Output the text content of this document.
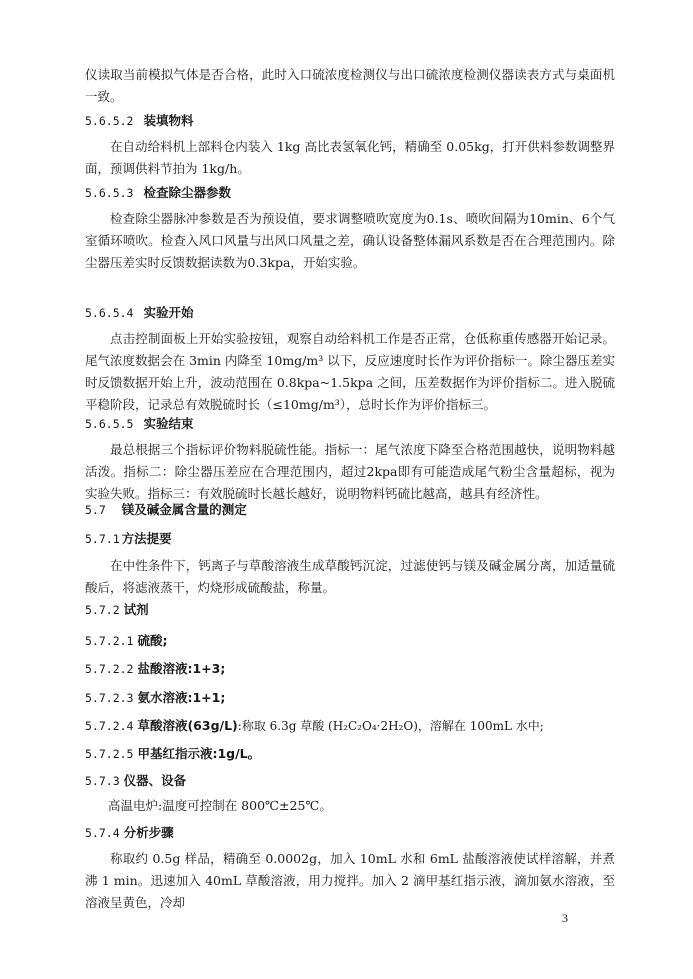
仪读取当前模拟气体是否合格，此时入口硫浓度检测仪与出口硫浓度检测仪器读表方式与桌面机一致。

5.6.5.2 装填物料

在自动给料机上部料仓内装入 1kg 高比表氢氧化钙，精确至 0.05kg，打开供料参数调整界面，预调供料节拍为 1kg/h。

5.6.5.3 检查除尘器参数

检查除尘器脉冲参数是否为预设值，要求调整喷吹宽度为0.1s、喷吹间隔为10min、6个气室循环喷吹。检查入风口风量与出风口风量之差，确认设备整体漏风系数是否在合理范围内。除尘器压差实时反馈数据读数为0.3kpa，开始实验。

5.6.5.4 实验开始

点击控制面板上开始实验按钮，观察自动给料机工作是否正常，仓低称重传感器开始记录。尾气浓度数据会在 3min 内降至 10mg/m³ 以下，反应速度时长作为评价指标一。除尘器压差实时反馈数据开始上升，波动范围在 0.8kpa~1.5kpa 之间，压差数据作为评价指标二。进入脱硫平稳阶段，记录总有效脱硫时长（≤10mg/m³），总时长作为评价指标三。

5.6.5.5 实验结束

最总根据三个指标评价物料脱硫性能。指标一：尾气浓度下降至合格范围越快，说明物料越活泼。指标二：除尘器压差应在合理范围内，超过2kpa即有可能造成尾气粉尘含量超标，视为实验失败。指标三：有效脱硫时长越长越好，说明物料钙硫比越高，越具有经济性。

5.7 镁及碱金属含量的测定
5.7.1 方法提要

在中性条件下，钙离子与草酸溶液生成草酸钙沉淀，过滤使钙与镁及碱金属分离，加适量硫酸后，将滤液蒸干，灼烧形成硫酸盐，称量。

5.7.2 试剂
5.7.2.1 硫酸;
5.7.2.2 盐酸溶液:1+3;
5.7.2.3 氨水溶液:1+1;
5.7.2.4 草酸溶液(63g/L):称取 6.3g 草酸 (H₂C₂O₄·2H₂O)，溶解在 100mL 水中;
5.7.2.5 甲基红指示液:1g/L。
5.7.3 仪器、设备

高温电炉:温度可控制在 800℃±25℃。

5.7.4 分析步骤

称取约 0.5g 样品，精确至 0.0002g，加入 10mL 水和 6mL 盐酸溶液使试样溶解，并煮沸 1 min。迅速加入 40mL 草酸溶液，用力搅拌。加入 2 滴甲基红指示液，滴加氨水溶液，至溶液呈黄色，冷却

3
